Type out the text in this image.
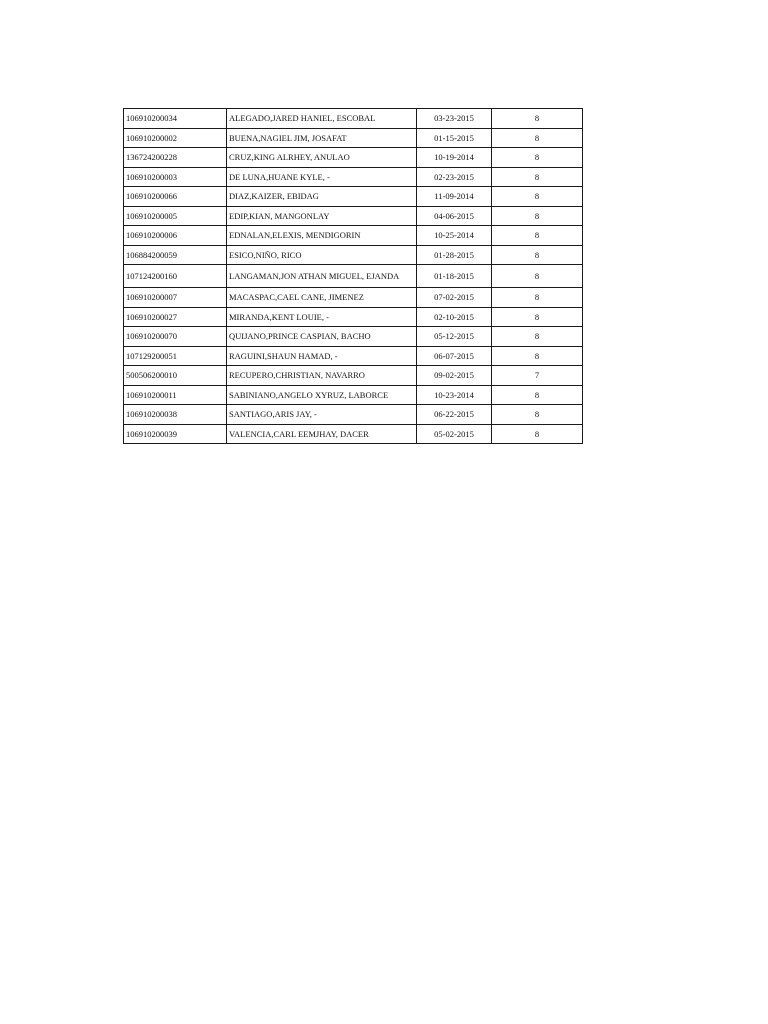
106910200034	ALEGADO,JARED HANIEL, ESCOBAL	03-23-2015	8
106910200002	BUENA,NAGIEL JIM, JOSAFAT	01-15-2015	8
136724200228	CRUZ,KING ALRHEY, ANULAO	10-19-2014	8
106910200003	DE LUNA,HUANE KYLE, -	02-23-2015	8
106910200066	DIAZ,KAIZER, EBIDAG	11-09-2014	8
106910200005	EDIP,KIAN, MANGONLAY	04-06-2015	8
106910200006	EDNALAN,ELEXIS, MENDIGORIN	10-25-2014	8
106884200059	ESICO,NIÑO, RICO	01-28-2015	8
107124200160	LANGAMAN,JON ATHAN MIGUEL, EJANDA	01-18-2015	8
106910200007	MACASPAC,CAEL CANE, JIMENEZ	07-02-2015	8
106910200027	MIRANDA,KENT LOUIE, -	02-10-2015	8
106910200070	QUIJANO,PRINCE CASPIAN, BACHO	05-12-2015	8
107129200051	RAGUINI,SHAUN HAMAD, -	06-07-2015	8
500506200010	RECUPERO,CHRISTIAN, NAVARRO	09-02-2015	7
106910200011	SABINIANO,ANGELO XYRUZ, LABORCE	10-23-2014	8
106910200038	SANTIAGO,ARIS JAY, -	06-22-2015	8
106910200039	VALENCIA,CARL EEMJHAY, DACER	05-02-2015	8
